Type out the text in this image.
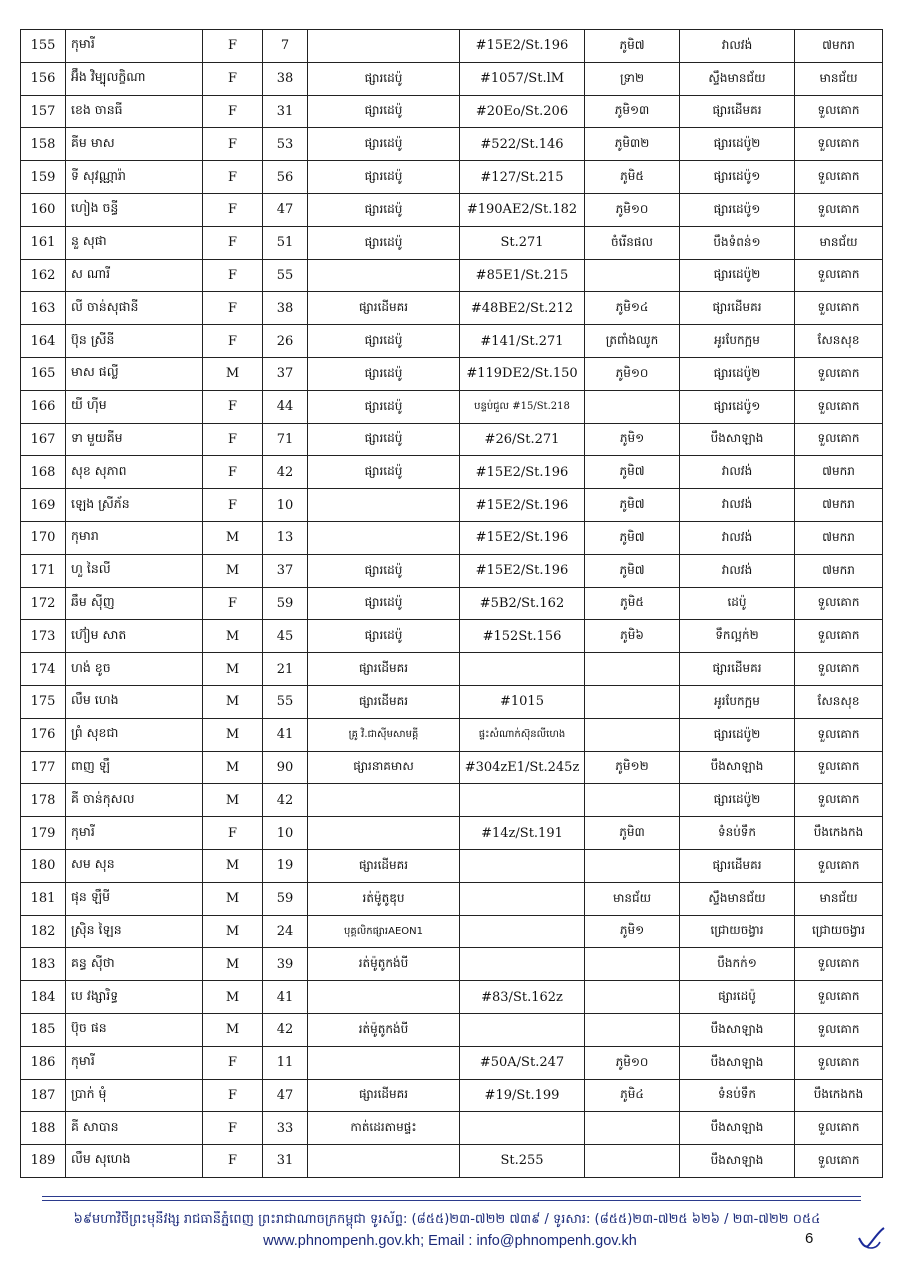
155	កុមារី	F	7		#15E2/St.196	ភូមិ៧	វាលវង់	៧មករា
156	អ៊ឹង វិម្បុលក្ខិណា	F	38	ផ្សារដេប៉ូ	#1057/St.lM	ទ្រា២	ស្ទឹងមានជ័យ	មានជ័យ
157	ខេង ចានធី	F	31	ផ្សារដេប៉ូ	#20Eo/St.206	ភូមិ១៣	ផ្សារដើមគរ	ទួលគោក
158	គីម មាស	F	53	ផ្សារដេប៉ូ	#522/St.146	ភូមិ៣២	ផ្សារដេប៉ូ២	ទួលគោក
159	ទី សុវណ្ណារ៉ា	F	56	ផ្សារដេប៉ូ	#127/St.215	ភូមិ៥	ផ្សារដេប៉ូ១	ទួលគោក
160	ហៀង ចន្ធី	F	47	ផ្សារដេប៉ូ	#190AE2/St.182	ភូមិ១០	ផ្សារដេប៉ូ១	ទួលគោក
161	នួ សុផា	F	51	ផ្សារដេប៉ូ	St.271	ចំរើនផល	បឹងទំពន់១	មានជ័យ
162	ស ណារី	F	55		#85E1/St.215		ផ្សារដេប៉ូ២	ទួលគោក
163	លី ចាន់សុផានី	F	38	ផ្សារដើមគរ	#48BE2/St.212	ភូមិ១៤	ផ្សារដើមគរ	ទួលគោក
164	ប៊ុន ស្រីនី	F	26	ផ្សារដេប៉ូ	#141/St.271	ត្រពាំងឈូក	អូរបែកក្អម	សែនសុខ
165	មាស ផល្លី	M	37	ផ្សារដេប៉ូ	#119DE2/St.150	ភូមិ១០	ផ្សារដេប៉ូ២	ទួលគោក
166	យី ហ៊ីម	F	44	ផ្សារដេប៉ូ	បន្ទប់ជួល #15/St.218		ផ្សារដេប៉ូ១	ទួលគោក
167	ទា មួយគីម	F	71	ផ្សារដេប៉ូ	#26/St.271	ភូមិ១	បឹងសាឡាង	ទួលគោក
168	សុខ សុភាព	F	42	ផ្សារដេប៉ូ	#15E2/St.196	ភូមិ៧	វាលវង់	៧មករា
169	ឡេង ស្រីភ័ន	F	10		#15E2/St.196	ភូមិ៧	វាលវង់	៧មករា
170	កុមារា	M	13		#15E2/St.196	ភូមិ៧	វាលវង់	៧មករា
171	ហួ នៃលី	M	37	ផ្សារដេប៉ូ	#15E2/St.196	ភូមិ៧	វាលវង់	៧មករា
172	ឆឹម ស៊ីញ	F	59	ផ្សារដេប៉ូ	#5B2/St.162	ភូមិ៥	ដេប៉ូ	ទួលគោក
173	ហ៊ៀម សាត	M	45	ផ្សារដេប៉ូ	#152St.156	ភូមិ៦	ទឹកល្អក់២	ទួលគោក
174	ហង់ ខូច	M	21	ផ្សារដើមគរ			ផ្សារដើមគរ	ទួលគោក
175	លឹម ហេង	M	55	ផ្សារដើមគរ	#1015		អូរបែកក្អម	សែនសុខ
176	ព្រំ សុខជា	M	41	គ្រូ វិ.ជាស៊ីមសាមគ្គី	ផ្ទះសំណាក់ស៊ុនលីហេង		ផ្សារដេប៉ូ២	ទួលគោក
177	ពាញ ឡឹ	M	90	ផ្សារនាគមាស	#304zE1/St.245z	ភូមិ១២	បឹងសាឡាង	ទួលគោក
178	គី ចាន់កុសល	M	42				ផ្សារដេប៉ូ២	ទួលគោក
179	កុមារី	F	10		#14z/St.191	ភូមិ៣	ទំនប់ទឹក	បឹងកេងកង
180	សម សុន	M	19	ផ្សារដើមគរ			ផ្សារដើមគរ	ទួលគោក
181	ផុន ឡឹមី	M	59	រត់ម៉ូតូឌុប		មានជ័យ	ស្ទឹងមានជ័យ	មានជ័យ
182	ស្រ៊ិន ឡៃន	M	24	បុគ្គលិកផ្សារAEON1		ភូមិ១	ជ្រោយចង្វារ	ជ្រោយចង្វារ
183	គន្ធ ស៊ីថា	M	39	រត់ម៉ូតូកង់បី			បឹងកក់១	ទួលគោក
184	បេ វង្សារិទ្ធ	M	41		#83/St.162z		ផ្សារដេប៉ូ	ទួលគោក
185	ប៊ុច ផន	M	42	រត់ម៉ូតូកង់បី			បឹងសាឡាង	ទួលគោក
186	កុមារី	F	11		#50A/St.247	ភូមិ១០	បឹងសាឡាង	ទួលគោក
187	ប្រាក់ មុំ	F	47	ផ្សារដើមគរ	#19/St.199	ភូមិ៤	ទំនប់ទឹក	បឹងកេងកង
188	គី សាបាន	F	33	កាត់ដេរតាមផ្ទះ			បឹងសាឡាង	ទួលគោក
189	លឹម សុហេង	F	31		St.255		បឹងសាឡាង	ទួលគោក
៦៩មហាវិថីព្រះមុនីវង្ស រាជធានីភ្នំពេញ ព្រះរាជាណាចក្រកម្ពុជា ទូរស័ព្ទ: (៨៥៥)២៣-៧២២ ៧៣៩ / ទូរសារ: (៨៥៥)២៣-៧២៥ ៦២៦ / ២៣-៧២២ ០៥៤
www.phnompenh.gov.kh; Email : info@phnompenh.gov.kh	6
